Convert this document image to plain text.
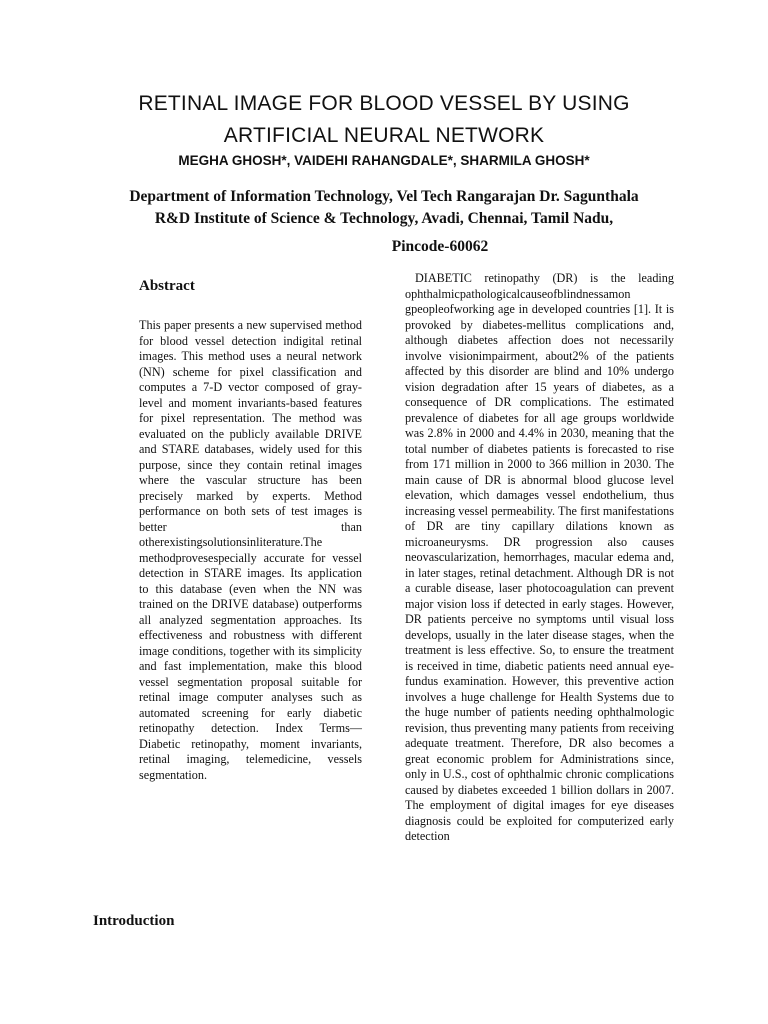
RETINAL IMAGE FOR BLOOD VESSEL BY USING
ARTIFICIAL NEURAL NETWORK

MEGHA GHOSH*, VAIDEHI RAHANGDALE*, SHARMILA GHOSH*

Department of Information Technology, Vel Tech Rangarajan Dr. Sagunthala
R&D Institute of Science & Technology, Avadi, Chennai, Tamil Nadu,

Pincode-60062

Abstract

This paper presents a new supervised method for blood vessel detection indigital retinal images. This method uses a neural network (NN) scheme for pixel classification and computes a 7-D vector composed of gray-level and moment invariants-based features for pixel representation. The method was evaluated on the publicly available DRIVE and STARE databases, widely used for this purpose, since they contain retinal images where the vascular structure has been precisely marked by experts. Method performance on both sets of test images is better than otherexistingsolutionsinliterature.The methodprovesespecially accurate for vessel detection in STARE images. Its application to this database (even when the NN was trained on the DRIVE database) outperforms all analyzed segmentation approaches. Its effectiveness and robustness with different image conditions, together with its simplicity and fast implementation, make this blood vessel segmentation proposal suitable for retinal image computer analyses such as automated screening for early diabetic retinopathy detection. Index Terms—Diabetic retinopathy, moment invariants, retinal imaging, telemedicine, vessels segmentation.

Introduction

DIABETIC retinopathy (DR) is the leading ophthalmicpathologicalcauseofblindnessamon gpeopleofworking age in developed countries [1]. It is provoked by diabetes-mellitus complications and, although diabetes affection does not necessarily involve visionimpairment, about2% of the patients affected by this disorder are blind and 10% undergo vision degradation after 15 years of diabetes, as a consequence of DR complications. The estimated prevalence of diabetes for all age groups worldwide was 2.8% in 2000 and 4.4% in 2030, meaning that the total number of diabetes patients is forecasted to rise from 171 million in 2000 to 366 million in 2030. The main cause of DR is abnormal blood glucose level elevation, which damages vessel endothelium, thus increasing vessel permeability. The first manifestations of DR are tiny capillary dilations known as microaneurysms. DR progression also causes neovascularization, hemorrhages, macular edema and, in later stages, retinal detachment. Although DR is not a curable disease, laser photocoagulation can prevent major vision loss if detected in early stages. However, DR patients perceive no symptoms until visual loss develops, usually in the later disease stages, when the treatment is less effective. So, to ensure the treatment is received in time, diabetic patients need annual eye-fundus examination. However, this preventive action involves a huge challenge for Health Systems due to the huge number of patients needing ophthalmologic revision, thus preventing many patients from receiving adequate treatment. Therefore, DR also becomes a great economic problem for Administrations since, only in U.S., cost of ophthalmic chronic complications caused by diabetes exceeded 1 billion dollars in 2007. The employment of digital images for eye diseases diagnosis could be exploited for computerized early detection
